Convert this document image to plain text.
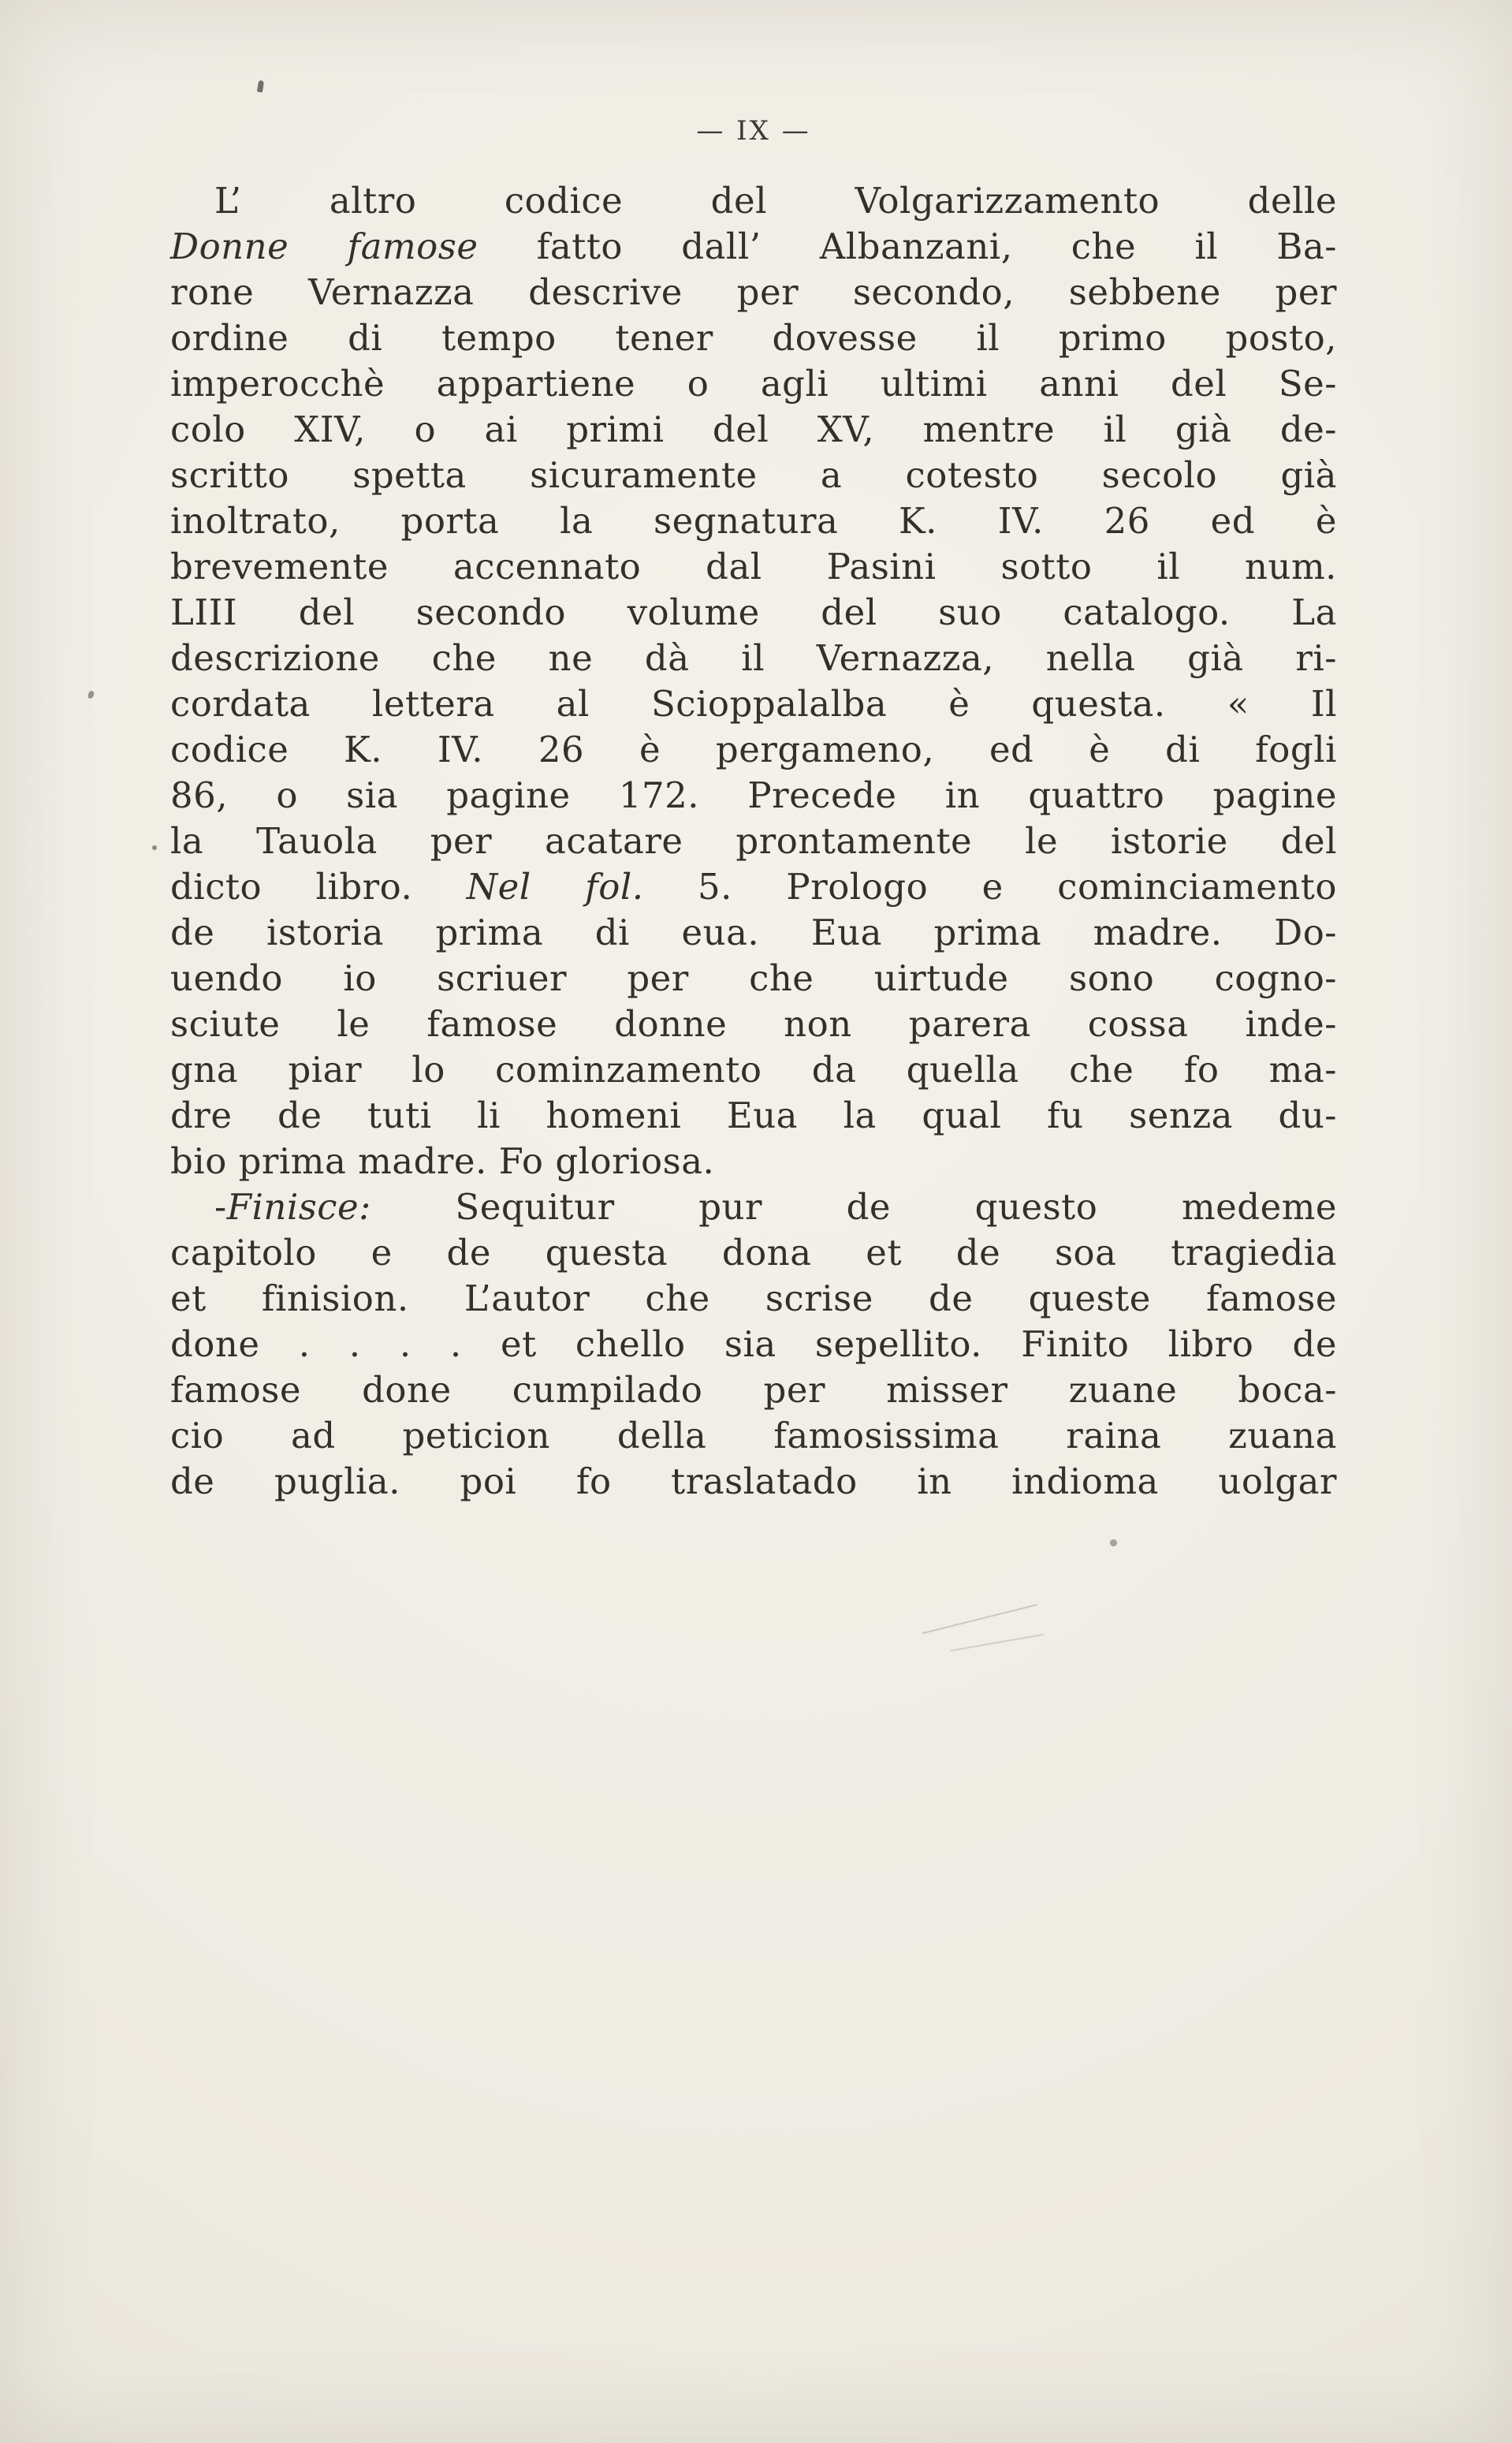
— IX —
L’ altro codice del Volgarizzamento delle
Donne famose fatto dall’ Albanzani, che il Ba-
rone Vernazza descrive per secondo, sebbene per
ordine di tempo tener dovesse il primo posto,
imperocchè appartiene o agli ultimi anni del Se-
colo XIV, o ai primi del XV, mentre il già de-
scritto spetta sicuramente a cotesto secolo già
inoltrato, porta la segnatura K. IV. 26 ed è
brevemente accennato dal Pasini sotto il num.
LIII del secondo volume del suo catalogo. La
descrizione che ne dà il Vernazza, nella già ri-
cordata lettera al Scioppalalba è questa. « Il
codice K. IV. 26 è pergameno, ed è di fogli
86, o sia pagine 172. Precede in quattro pagine
la Tauola per acatare prontamente le istorie del
dicto libro. Nel fol. 5. Prologo e cominciamento
de istoria prima di eua. Eua prima madre. Do-
uendo io scriuer per che uirtude sono cogno-
sciute le famose donne non parera cossa inde-
gna piar lo cominzamento da quella che fo ma-
dre de tuti li homeni Eua la qual fu senza du-
bio prima madre. Fo gloriosa.
-Finisce: Sequitur pur de questo medeme
capitolo e de questa dona et de soa tragiedia
et finision. L’autor che scrise de queste famose
done . . . . et chello sia sepellito. Finito libro de
famose done cumpilado per misser zuane boca-
cio ad peticion della famosissima raina zuana
de puglia. poi fo traslatado in indioma uolgar
